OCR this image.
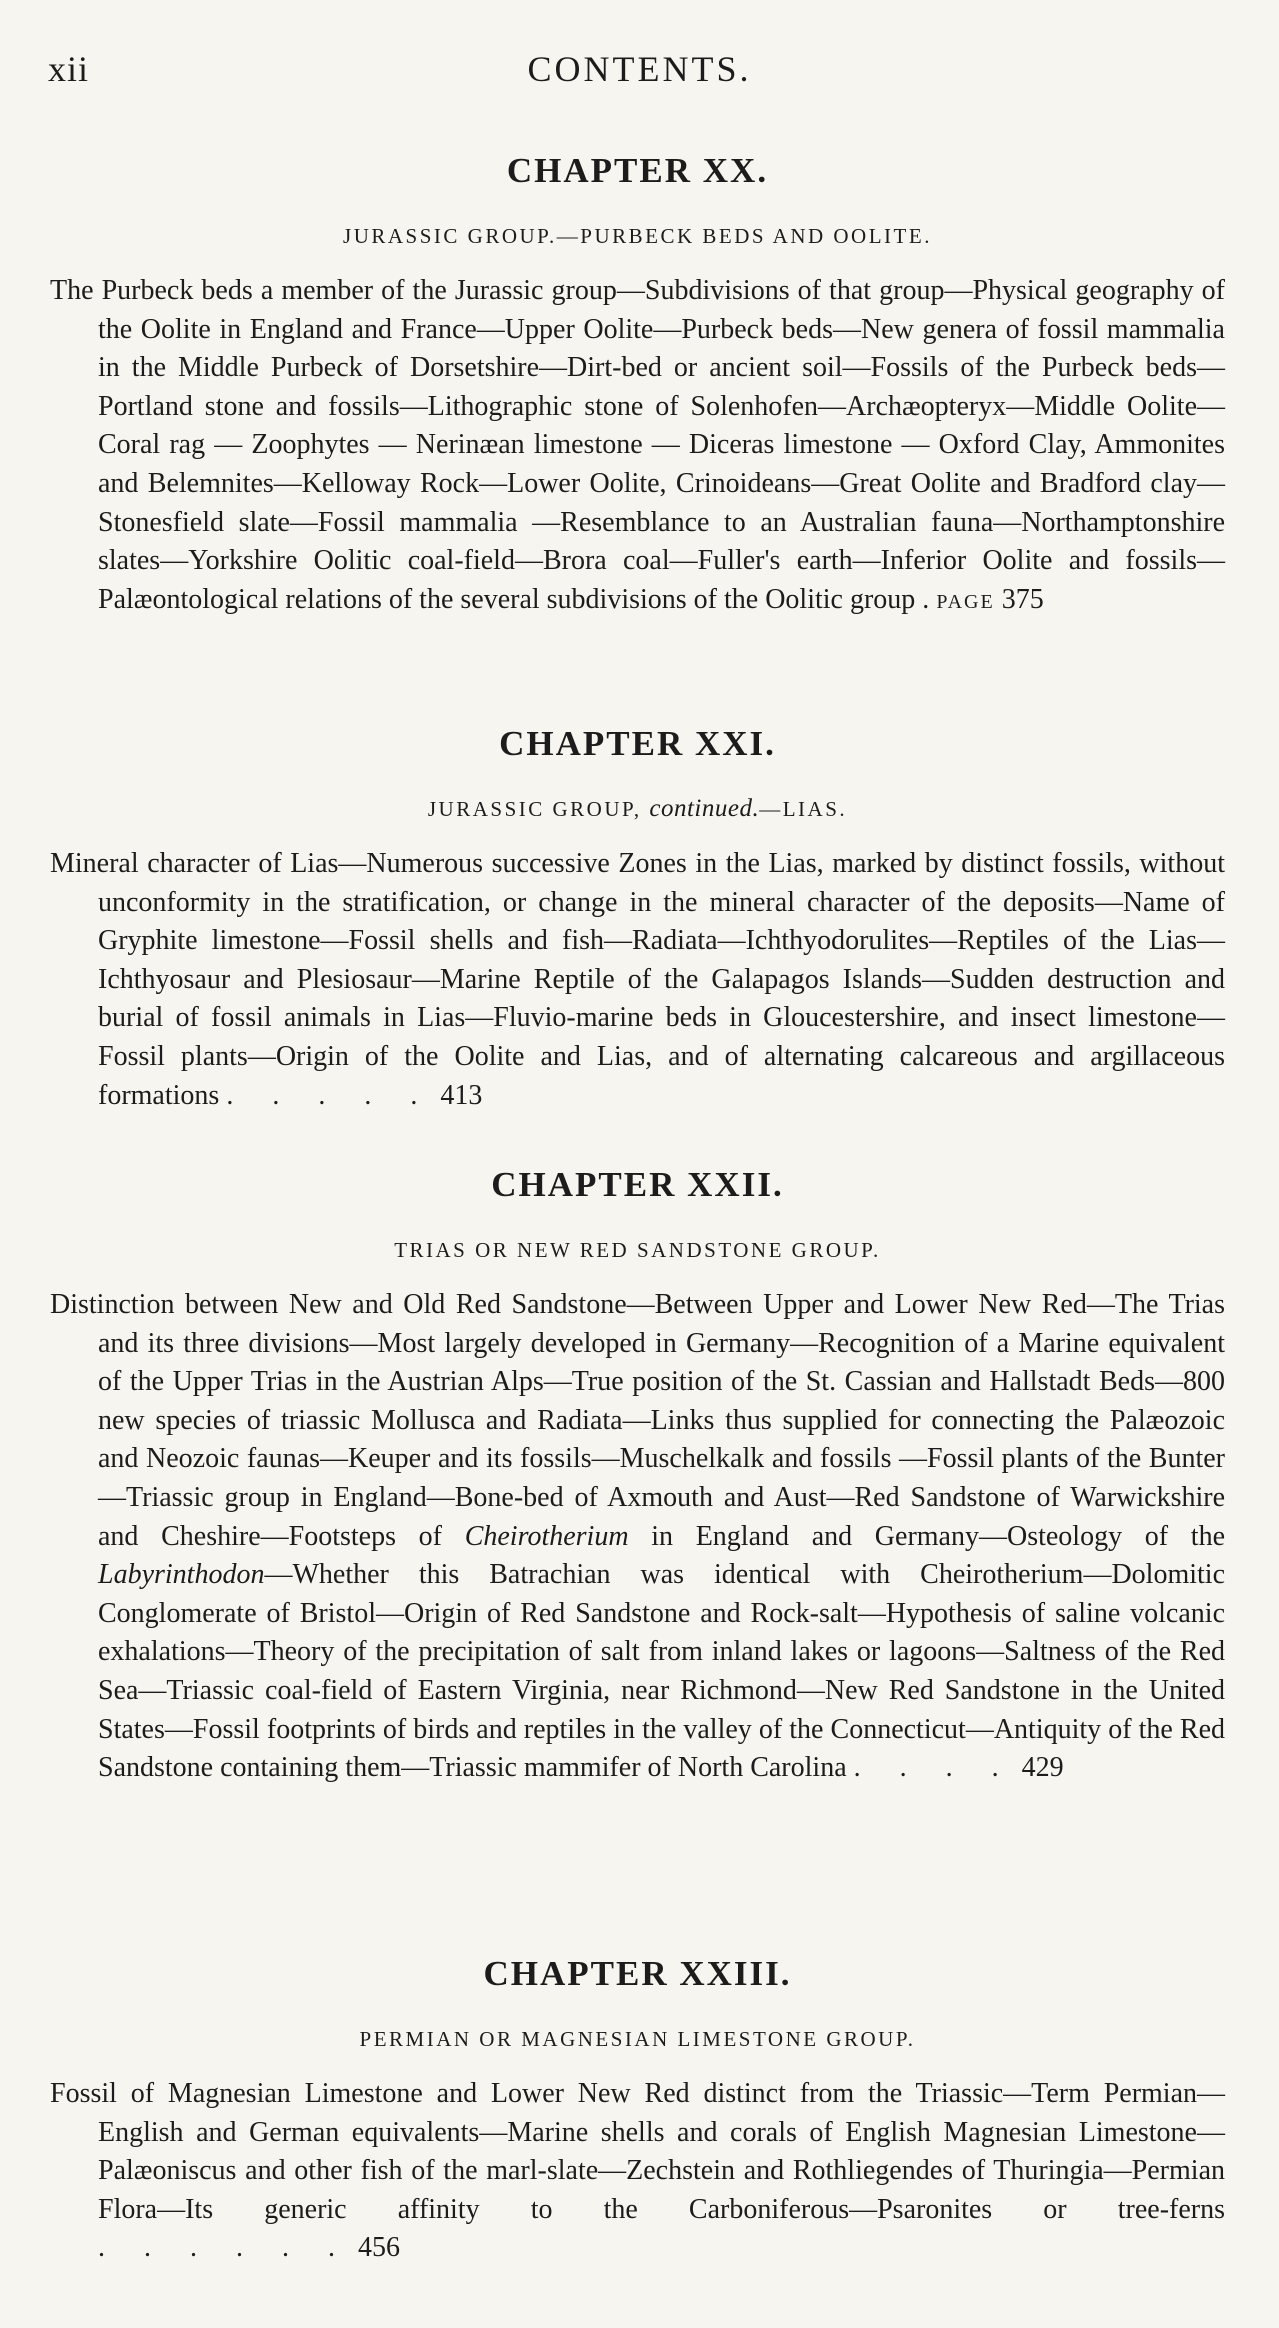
xii	CONTENTS.
CHAPTER XX.
JURASSIC GROUP.—PURBECK BEDS AND OOLITE.

The Purbeck beds a member of the Jurassic group—Subdivisions of that group—Physical geography of the Oolite in England and France—Upper Oolite—Purbeck beds—New genera of fossil mammalia in the Middle Purbeck of Dorsetshire—Dirt-bed or ancient soil—Fossils of the Purbeck beds—Portland stone and fossils—Lithographic stone of Solenhofen—Archæopteryx—Middle Oolite—Coral rag — Zoophytes — Nerinæan limestone — Diceras limestone — Oxford Clay, Ammonites and Belemnites—Kelloway Rock—Lower Oolite, Crinoideans—Great Oolite and Bradford clay—Stonesfield slate—Fossil mammalia —Resemblance to an Australian fauna—Northamptonshire slates—Yorkshire Oolitic coal-field—Brora coal—Fuller's earth—Inferior Oolite and fossils—Palæontological relations of the several subdivisions of the Oolitic group . PAGE 375

CHAPTER XXI.
JURASSIC GROUP, continued.—LIAS.

Mineral character of Lias—Numerous successive Zones in the Lias, marked by distinct fossils, without unconformity in the stratification, or change in the mineral character of the deposits—Name of Gryphite limestone—Fossil shells and fish—Radiata—Ichthyodorulites—Reptiles of the Lias—Ichthyosaur and Plesiosaur—Marine Reptile of the Galapagos Islands—Sudden destruction and burial of fossil animals in Lias—Fluvio-marine beds in Gloucestershire, and insect limestone—Fossil plants—Origin of the Oolite and Lias, and of alternating calcareous and argillaceous formations . . . . . 413

CHAPTER XXII.
TRIAS OR NEW RED SANDSTONE GROUP.

Distinction between New and Old Red Sandstone—Between Upper and Lower New Red—The Trias and its three divisions—Most largely developed in Germany—Recognition of a Marine equivalent of the Upper Trias in the Austrian Alps—True position of the St. Cassian and Hallstadt Beds—800 new species of triassic Mollusca and Radiata—Links thus supplied for connecting the Palæozoic and Neozoic faunas—Keuper and its fossils—Muschelkalk and fossils —Fossil plants of the Bunter—Triassic group in England—Bone-bed of Axmouth and Aust—Red Sandstone of Warwickshire and Cheshire—Footsteps of Cheirotherium in England and Germany—Osteology of the Labyrinthodon—Whether this Batrachian was identical with Cheirotherium—Dolomitic Conglomerate of Bristol—Origin of Red Sandstone and Rock-salt—Hypothesis of saline volcanic exhalations—Theory of the precipitation of salt from inland lakes or lagoons—Saltness of the Red Sea—Triassic coal-field of Eastern Virginia, near Richmond—New Red Sandstone in the United States—Fossil footprints of birds and reptiles in the valley of the Connecticut—Antiquity of the Red Sandstone containing them—Triassic mammifer of North Carolina . . . . 429

CHAPTER XXIII.
PERMIAN OR MAGNESIAN LIMESTONE GROUP.

Fossil of Magnesian Limestone and Lower New Red distinct from the Triassic—Term Permian—English and German equivalents—Marine shells and corals of English Magnesian Limestone—Palæoniscus and other fish of the marl-slate—Zechstein and Rothliegendes of Thuringia—Permian Flora—Its generic affinity to the Carboniferous—Psaronites or tree-ferns . . . . . . 456
